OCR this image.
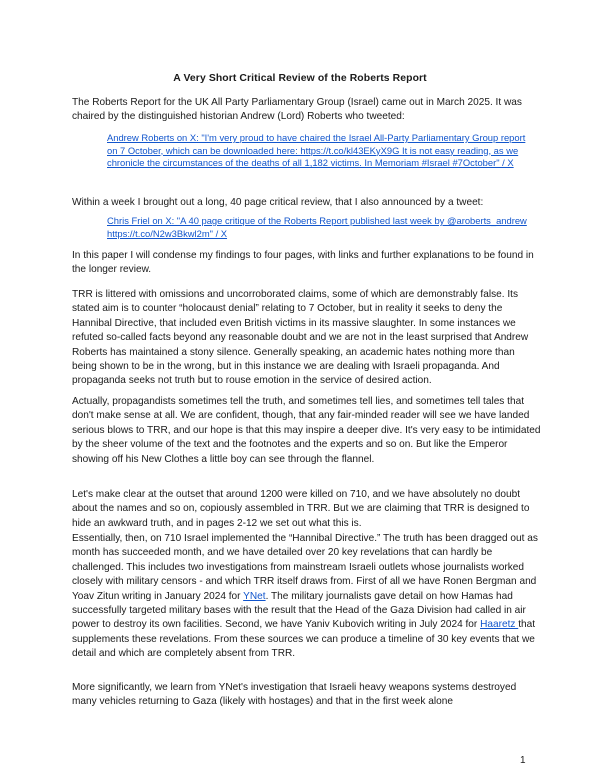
A Very Short Critical Review of the Roberts Report

The Roberts Report for the UK All Party Parliamentary Group (Israel) came out in March 2025. It was chaired by the distinguished historian Andrew (Lord) Roberts who tweeted:

Andrew Roberts on X: "I'm very proud to have chaired the Israel All-Party Parliamentary Group report on 7 October, which can be downloaded here: https://t.co/kl43EKyX9G It is not easy reading, as we chronicle the circumstances of the deaths of all 1,182 victims. In Memoriam #Israel #7October" / X

Within a week I brought out a long, 40 page critical review, that I also announced by a tweet:

Chris Friel on X: "A 40 page critique of the Roberts Report published last week by @aroberts_andrew https://t.co/N2w3Bkwl2m" / X

In this paper I will condense my findings to four pages, with links and further explanations to be found in the longer review.

TRR is littered with omissions and uncorroborated claims, some of which are demonstrably false. Its stated aim is to counter “holocaust denial” relating to 7 October, but in reality it seeks to deny the Hannibal Directive, that included even British victims in its massive slaughter. In some instances we refuted so-called facts beyond any reasonable doubt and we are not in the least surprised that Andrew Roberts has maintained a stony silence. Generally speaking, an academic hates nothing more than being shown to be in the wrong, but in this instance we are dealing with Israeli propaganda. And propaganda seeks not truth but to rouse emotion in the service of desired action.

Actually, propagandists sometimes tell the truth, and sometimes tell lies, and sometimes tell tales that don't make sense at all. We are confident, though, that any fair-minded reader will see we have landed serious blows to TRR, and our hope is that this may inspire a deeper dive. It's very easy to be intimidated by the sheer volume of the text and the footnotes and the experts and so on. But like the Emperor showing off his New Clothes a little boy can see through the flannel.

Let's make clear at the outset that around 1200 were killed on 710, and we have absolutely no doubt about the names and so on, copiously assembled in TRR. But we are claiming that TRR is designed to hide an awkward truth, and in pages 2-12 we set out what this is.

Essentially, then, on 710 Israel implemented the “Hannibal Directive.” The truth has been dragged out as month has succeeded month, and we have detailed over 20 key revelations that can hardly be challenged. This includes two investigations from mainstream Israeli outlets whose journalists worked closely with military censors - and which TRR itself draws from. First of all we have Ronen Bergman and Yoav Zitun writing in January 2024 for YNet. The military journalists gave detail on how Hamas had successfully targeted military bases with the result that the Head of the Gaza Division had called in air power to destroy its own facilities. Second, we have Yaniv Kubovich writing in July 2024 for Haaretz that supplements these revelations. From these sources we can produce a timeline of 30 key events that we detail and which are completely absent from TRR.

More significantly, we learn from YNet's investigation that Israeli heavy weapons systems destroyed many vehicles returning to Gaza (likely with hostages) and that in the first week alone

1
